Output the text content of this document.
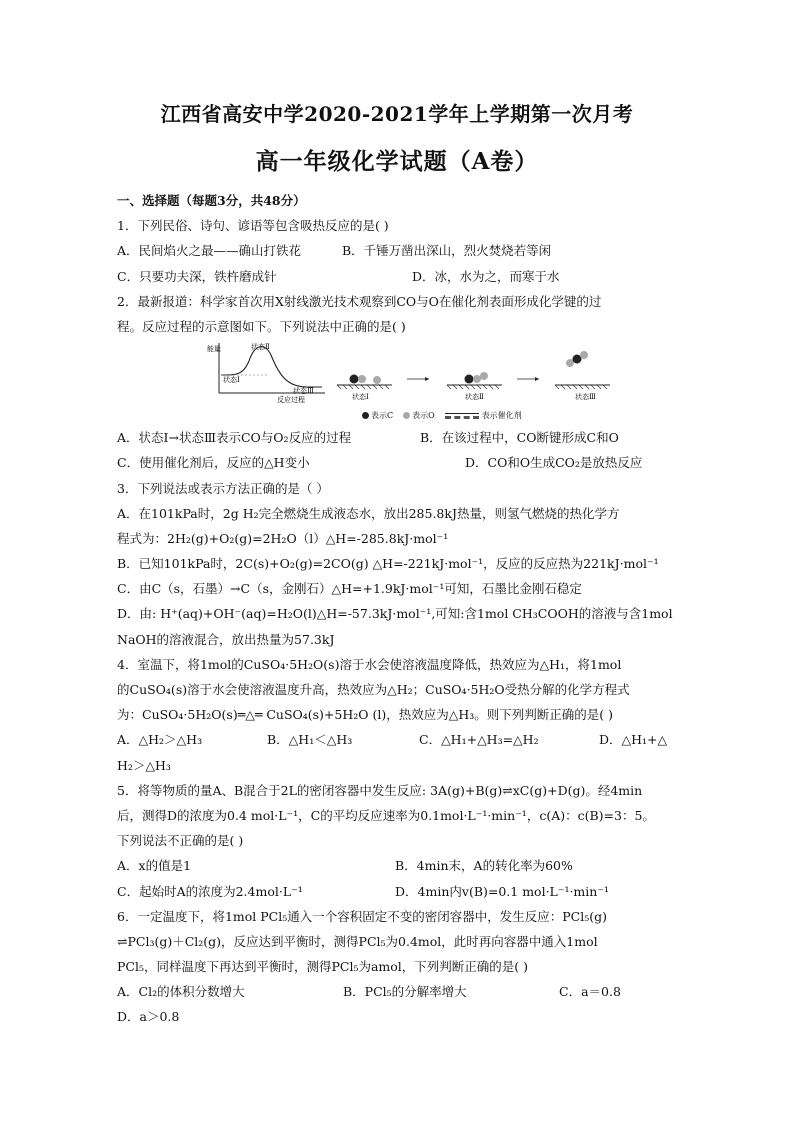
江西省高安中学2020-2021学年上学期第一次月考
高一年级化学试题（A卷）
一、选择题（每题3分，共48分）
1．下列民俗、诗句、谚语等包含吸热反应的是( )
A．民间焰火之最——确山打铁花	B．千锤万凿出深山，烈火焚烧若等闲
C．只要功夫深，铁杵磨成针	D．冰，水为之，而寒于水
2．最新报道：科学家首次用X射线激光技术观察到CO与O在催化剂表面形成化学键的过
程。反应过程的示意图如下。下列说法中正确的是( )
能量
反应过程
状态Ⅰ
状态Ⅱ
状态Ⅲ
状态Ⅰ	状态Ⅱ	状态Ⅲ
表示C	表示O	表示催化剂
A．状态Ⅰ→状态Ⅲ表示CO与O₂反应的过程	B．在该过程中，CO断键形成C和O
C．使用催化剂后，反应的△H变小	D．CO和O生成CO₂是放热反应
3．下列说法或表示方法正确的是（ ）
A．在101kPa时，2g H₂完全燃烧生成液态水，放出285.8kJ热量，则氢气燃烧的热化学方
程式为：2H₂(g)+O₂(g)=2H₂O（l）△H=-285.8kJ·mol⁻¹
B．已知101kPa时，2C(s)+O₂(g)=2CO(g) △H=-221kJ·mol⁻¹，反应的反应热为221kJ·mol⁻¹
C．由C（s，石墨）→C（s，金刚石）△H=+1.9kJ·mol⁻¹可知，石墨比金刚石稳定
D．由: H⁺(aq)+OH⁻(aq)=H₂O(l)△H=-57.3kJ·mol⁻¹,可知:含1mol CH₃COOH的溶液与含1mol
NaOH的溶液混合，放出热量为57.3kJ
4．室温下，将1mol的CuSO₄·5H₂O(s)溶于水会使溶液温度降低，热效应为△H₁，将1mol
的CuSO₄(s)溶于水会使溶液温度升高，热效应为△H₂；CuSO₄·5H₂O受热分解的化学方程式
为：CuSO₄·5H₂O(s)═△═ CuSO₄(s)+5H₂O (l)，热效应为△H₃。则下列判断正确的是( )
A．△H₂＞△H₃	B．△H₁＜△H₃	C．△H₁+△H₃=△H₂	D．△H₁+△
H₂＞△H₃
5．将等物质的量A、B混合于2L的密闭容器中发生反应: 3A(g)+B(g)⇌xC(g)+D(g)。经4min
后，测得D的浓度为0.4 mol·L⁻¹，C的平均反应速率为0.1mol·L⁻¹·min⁻¹，c(A)：c(B)=3：5。
下列说法不正确的是( )
A．x的值是1	B．4min末，A的转化率为60%
C．起始时A的浓度为2.4mol·L⁻¹	D．4min内v(B)=0.1 mol·L⁻¹·min⁻¹
6．一定温度下，将1mol PCl₅通入一个容积固定不变的密闭容器中，发生反应：PCl₅(g)
⇌PCl₃(g)＋Cl₂(g)，反应达到平衡时，测得PCl₅为0.4mol，此时再向容器中通入1mol
PCl₅，同样温度下再达到平衡时，测得PCl₅为amol，下列判断正确的是( )
A．Cl₂的体积分数增大	B．PCl₅的分解率增大	C．a＝0.8
D．a＞0.8
